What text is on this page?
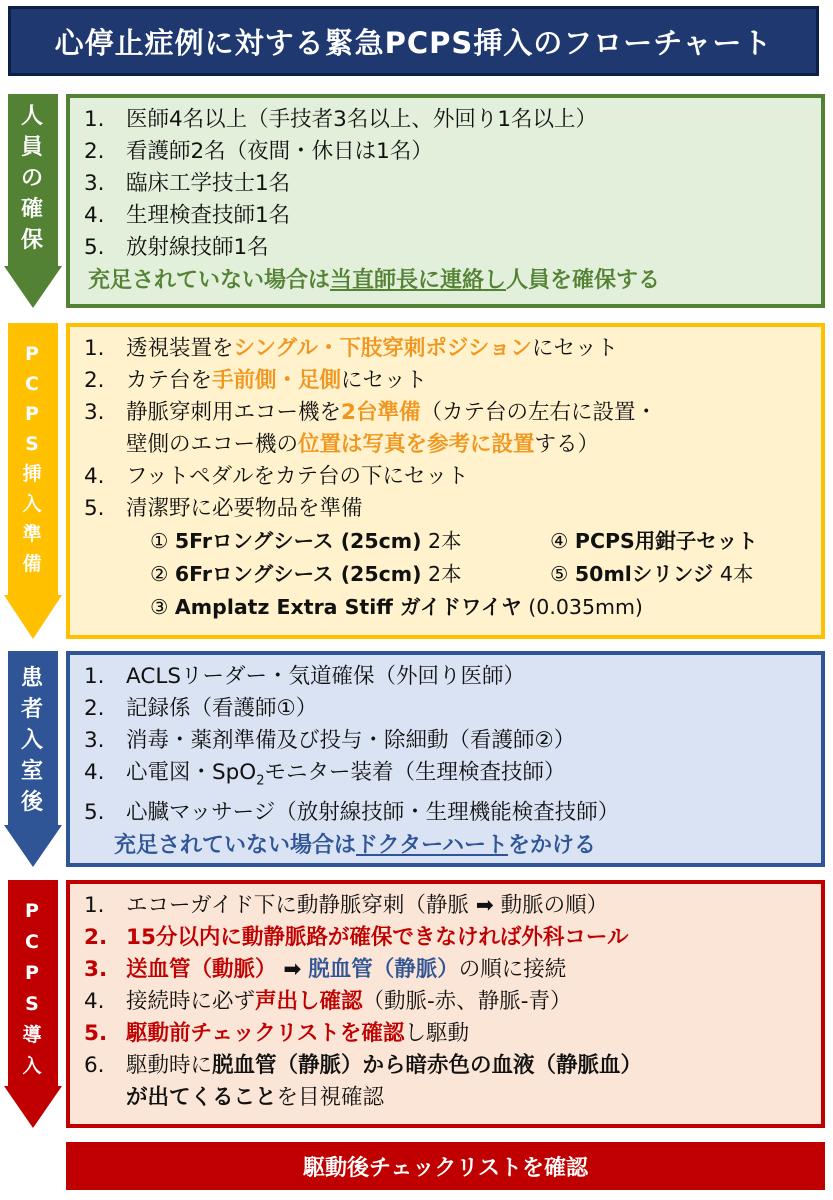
心停止症例に対する緊急PCPS挿入のフローチャート
人
員
の
確
保
1. 医師4名以上（手技者3名以上、外回り1名以上）
2. 看護師2名（夜間・休日は1名）
3. 臨床工学技士1名
4. 生理検査技師1名
5. 放射線技師1名
充足されていない場合は当直師長に連絡し人員を確保する
P
C
P
S
挿
入
準
備
1. 透視装置をシングル・下肢穿刺ポジションにセット
2. カテ台を手前側・足側にセット
3. 静脈穿刺用エコー機を2台準備（カテ台の左右に設置・
壁側のエコー機の位置は写真を参考に設置する）
4. フットペダルをカテ台の下にセット
5. 清潔野に必要物品を準備
① 5Frロングシース (25cm) 2本	④ PCPS用鉗子セット
② 6Frロングシース (25cm) 2本	⑤ 50mlシリンジ 4本
③ Amplatz Extra Stiff ガイドワイヤ (0.035mm)
患
者
入
室
後
1. ACLSリーダー・気道確保（外回り医師）
2. 記録係（看護師①）
3. 消毒・薬剤準備及び投与・除細動（看護師②）
4. 心電図・SpO$_2$モニター装着（生理検査技師）
5. 心臓マッサージ（放射線技師・生理機能検査技師）
充足されていない場合はドクターハートをかける
P
C
P
S
導
入
1. エコーガイド下に動静脈穿刺（静脈 ➡ 動脈の順）
2. 15分以内に動静脈路が確保できなければ外科コール
3. 送血管（動脈） ➡ 脱血管（静脈）の順に接続
4. 接続時に必ず声出し確認（動脈-赤、静脈-青）
5. 駆動前チェックリストを確認し駆動
6. 駆動時に脱血管（静脈）から暗赤色の血液（静脈血）
が出てくることを目視確認
駆動後チェックリストを確認
